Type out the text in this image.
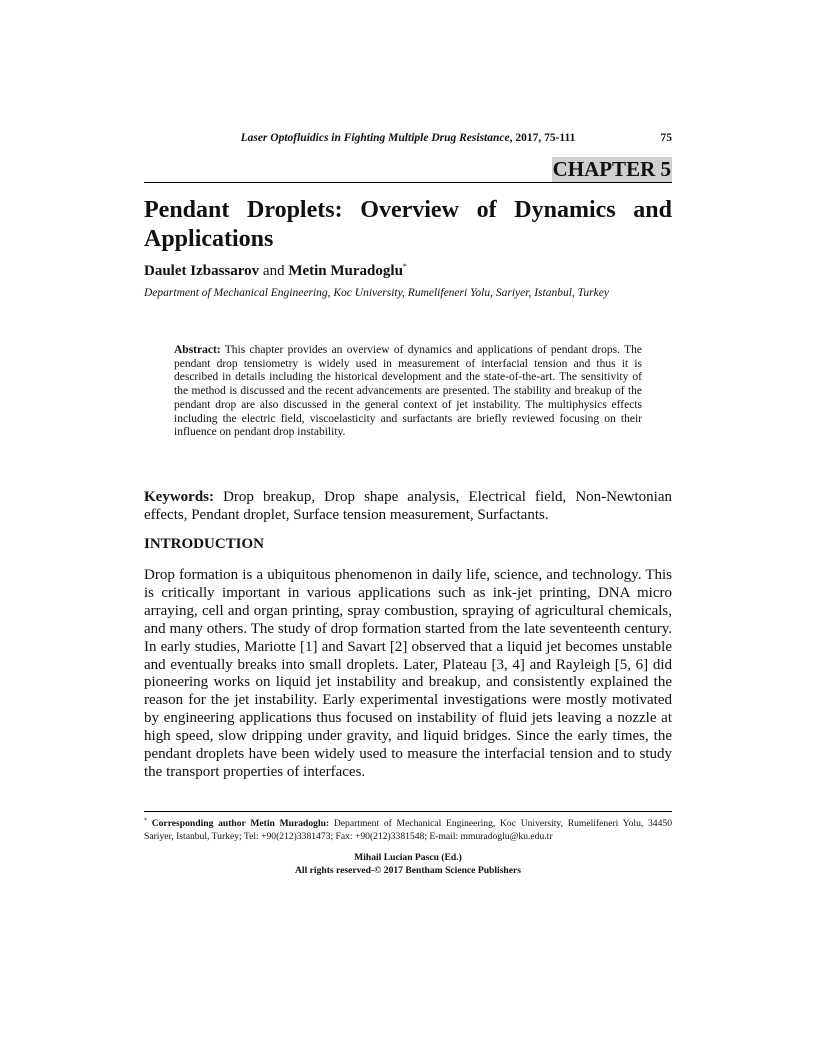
Laser Optofluidics in Fighting Multiple Drug Resistance, 2017, 75-111	75
CHAPTER 5
Pendant Droplets: Overview of Dynamics and Applications
Daulet Izbassarov and Metin Muradoglu*
Department of Mechanical Engineering, Koc University, Rumelifeneri Yolu, Sariyer, Istanbul, Turkey
Abstract: This chapter provides an overview of dynamics and applications of pendant drops. The pendant drop tensiometry is widely used in measurement of interfacial tension and thus it is described in details including the historical development and the state-of-the-art. The sensitivity of the method is discussed and the recent advancements are presented. The stability and breakup of the pendant drop are also discussed in the general context of jet instability. The multiphysics effects including the electric field, viscoelasticity and surfactants are briefly reviewed focusing on their influence on pendant drop instability.
Keywords: Drop breakup, Drop shape analysis, Electrical field, Non-Newtonian effects, Pendant droplet, Surface tension measurement, Surfactants.
INTRODUCTION
Drop formation is a ubiquitous phenomenon in daily life, science, and technology. This is critically important in various applications such as ink-jet printing, DNA micro arraying, cell and organ printing, spray combustion, spraying of agricultural chemicals, and many others. The study of drop formation started from the late seventeenth century. In early studies, Mariotte [1] and Savart [2] observed that a liquid jet becomes unstable and eventually breaks into small droplets. Later, Plateau [3, 4] and Rayleigh [5, 6] did pioneering works on liquid jet instability and breakup, and consistently explained the reason for the jet instability. Early experimental investigations were mostly motivated by engineering applications thus focused on instability of fluid jets leaving a nozzle at high speed, slow dripping under gravity, and liquid bridges. Since the early times, the pendant droplets have been widely used to measure the interfacial tension and to study the transport properties of interfaces.
* Corresponding author Metin Muradoglu: Department of Mechanical Engineering, Koc University, Rumelifeneri Yolu, 34450 Sariyer, Istanbul, Turkey; Tel: +90(212)3381473; Fax: +90(212)3381548; E-mail: mmuradoglu@ku.edu.tr
Mihail Lucian Pascu (Ed.)
All rights reserved-© 2017 Bentham Science Publishers
